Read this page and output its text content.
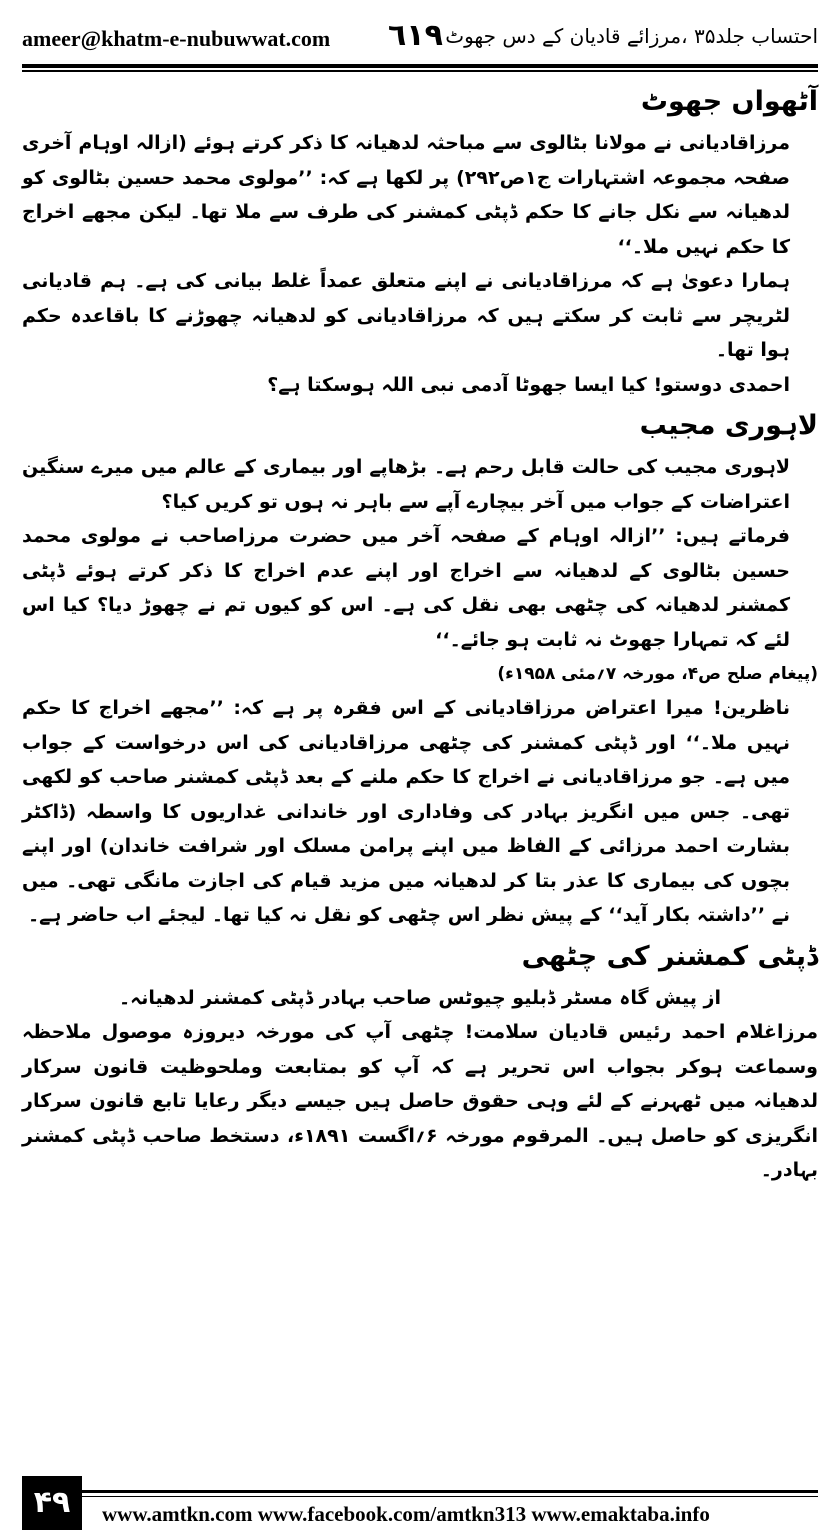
ameer@khatm-e-nubuwwat.com ٦١٩ احتساب جلد۳۵ ،مرزائے قادیان کے دس جھوٹ
آٹھواں جھوٹ

مرزاقادیانی نے مولانا بٹالوی سے مباحثہ لدھیانہ کا ذکر کرتے ہوئے (ازالہ اوہام آخری صفحہ مجموعہ اشتہارات ج۱ص۲۹۲) پر لکھا ہے کہ: ’’مولوی محمد حسین بٹالوی کو لدھیانہ سے نکل جانے کا حکم ڈپٹی کمشنر کی طرف سے ملا تھا۔ لیکن مجھے اخراج کا حکم نہیں ملا۔‘‘

ہمارا دعویٰ ہے کہ مرزاقادیانی نے اپنے متعلق عمداً غلط بیانی کی ہے۔ ہم قادیانی لٹریچر سے ثابت کر سکتے ہیں کہ مرزاقادیانی کو لدھیانہ چھوڑنے کا باقاعدہ حکم ہوا تھا۔

احمدی دوستو! کیا ایسا جھوٹا آدمی نبی اللہ ہوسکتا ہے؟

لاہوری مجیب

لاہوری مجیب کی حالت قابل رحم ہے۔ بڑھاپے اور بیماری کے عالم میں میرے سنگین اعتراضات کے جواب میں آخر بیچارے آپے سے باہر نہ ہوں تو کریں کیا؟

فرماتے ہیں: ’’ازالہ اوہام کے صفحہ آخر میں حضرت مرزاصاحب نے مولوی محمد حسین بٹالوی کے لدھیانہ سے اخراج اور اپنے عدم اخراج کا ذکر کرتے ہوئے ڈپٹی کمشنر لدھیانہ کی چٹھی بھی نقل کی ہے۔ اس کو کیوں تم نے چھوڑ دیا؟ کیا اس لئے کہ تمہارا جھوٹ نہ ثابت ہو جائے۔‘‘

(پیغام صلح ص۴، مورخہ ۷؍مئی ۱۹۵۸ء)

ناظرین! میرا اعتراض مرزاقادیانی کے اس فقرہ پر ہے کہ: ’’مجھے اخراج کا حکم نہیں ملا۔‘‘ اور ڈپٹی کمشنر کی چٹھی مرزاقادیانی کی اس درخواست کے جواب میں ہے۔ جو مرزاقادیانی نے اخراج کا حکم ملنے کے بعد ڈپٹی کمشنر صاحب کو لکھی تھی۔ جس میں انگریز بہادر کی وفاداری اور خاندانی غداریوں کا واسطہ (ڈاکٹر بشارت احمد مرزائی کے الفاظ میں اپنے پرامن مسلک اور شرافت خاندان) اور اپنے بچوں کی بیماری کا عذر بتا کر لدھیانہ میں مزید قیام کی اجازت مانگی تھی۔ میں نے ’’داشتہ بکار آید‘‘ کے پیش نظر اس چٹھی کو نقل نہ کیا تھا۔ لیجئے اب حاضر ہے۔

ڈپٹی کمشنر کی چٹھی

از پیش گاہ مسٹر ڈبلیو چیوٹس صاحب بہادر ڈپٹی کمشنر لدھیانہ۔

مرزاغلام احمد رئیس قادیان سلامت! چٹھی آپ کی مورخہ دیروزہ موصول ملاحظہ وسماعت ہوکر بجواب اس تحریر ہے کہ آپ کو بمتابعت وملحوظیت قانون سرکار لدھیانہ میں ٹھہرنے کے لئے وہی حقوق حاصل ہیں جیسے دیگر رعایا تابع قانون سرکار انگریزی کو حاصل ہیں۔ المرقوم مورخہ ۶؍اگست ۱۸۹۱ء، دستخط صاحب ڈپٹی کمشنر بہادر۔

۴۹	www.amtkn.com www.facebook.com/amtkn313 www.emaktaba.info
